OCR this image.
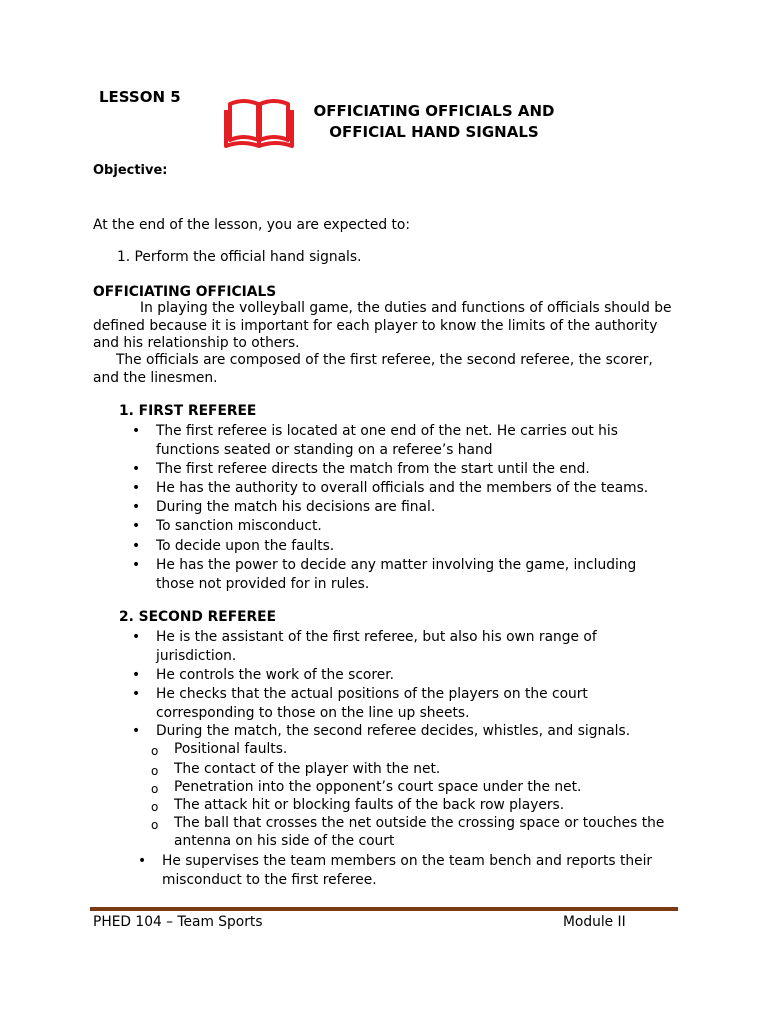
LESSON 5
OFFICIATING OFFICIALS AND
OFFICIAL HAND SIGNALS
Objective:
At the end of the lesson, you are expected to:
1. Perform the official hand signals.
OFFICIATING OFFICIALS
In playing the volleyball game, the duties and functions of officials should be defined because it is important for each player to know the limits of the authority and his relationship to others.
The officials are composed of the first referee, the second referee, the scorer, and the linesmen.
1. FIRST REFEREE
• The first referee is located at one end of the net. He carries out his
functions seated or standing on a referee’s hand
• The first referee directs the match from the start until the end.
• He has the authority to overall officials and the members of the teams.
• During the match his decisions are final.
• To sanction misconduct.
• To decide upon the faults.
• He has the power to decide any matter involving the game, including
those not provided for in rules.
2. SECOND REFEREE
• He is the assistant of the first referee, but also his own range of
jurisdiction.
• He controls the work of the scorer.
• He checks that the actual positions of the players on the court
corresponding to those on the line up sheets.
• During the match, the second referee decides, whistles, and signals.
o Positional faults.
o The contact of the player with the net.
o Penetration into the opponent’s court space under the net.
o The attack hit or blocking faults of the back row players.
o The ball that crosses the net outside the crossing space or touches the
antenna on his side of the court
• He supervises the team members on the team bench and reports their
misconduct to the first referee.
PHED 104 – Team Sports	Module II
